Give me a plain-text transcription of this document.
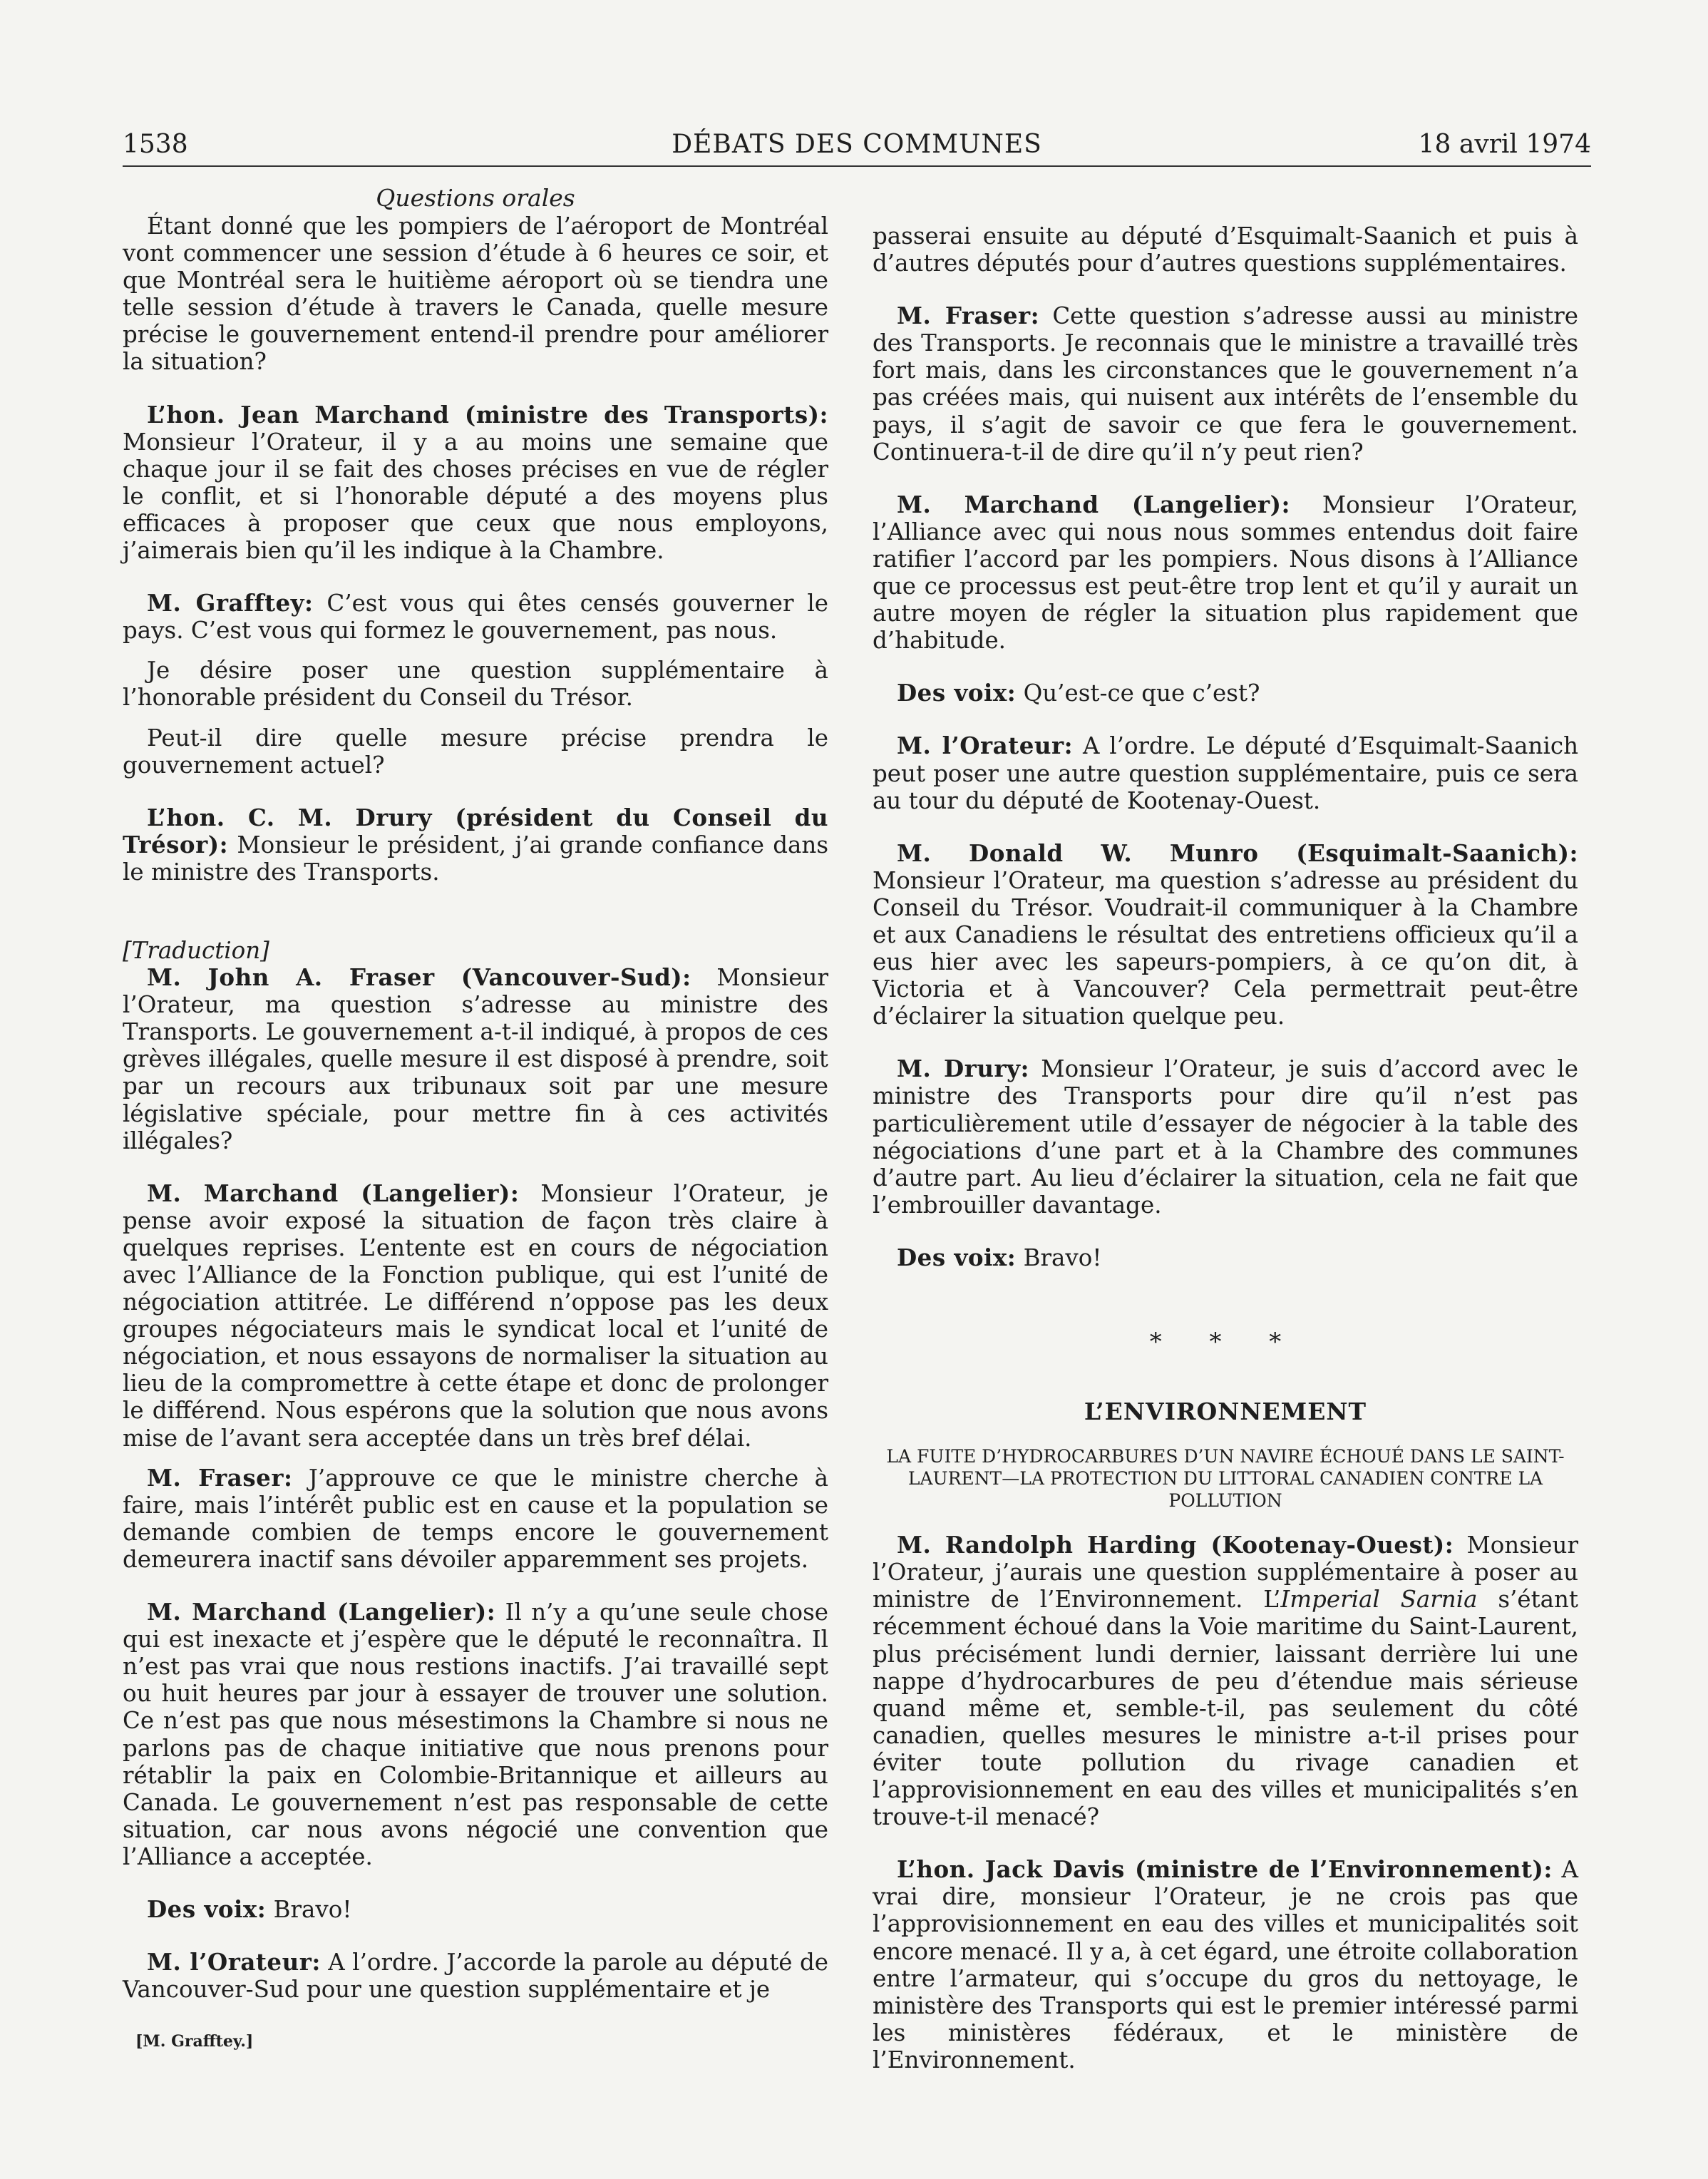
1538	DÉBATS DES COMMUNES	18 avril 1974

Questions orales

Étant donné que les pompiers de l’aéroport de Montréal vont commencer une session d’étude à 6 heures ce soir, et que Montréal sera le huitième aéroport où se tiendra une telle session d’étude à travers le Canada, quelle mesure précise le gouvernement entend-il prendre pour améliorer la situation?

L’hon. Jean Marchand (ministre des Transports): Monsieur l’Orateur, il y a au moins une semaine que chaque jour il se fait des choses précises en vue de régler le conflit, et si l’honorable député a des moyens plus efficaces à proposer que ceux que nous employons, j’aimerais bien qu’il les indique à la Chambre.

M. Grafftey: C’est vous qui êtes censés gouverner le pays. C’est vous qui formez le gouvernement, pas nous.

Je désire poser une question supplémentaire à l’honorable président du Conseil du Trésor.

Peut-il dire quelle mesure précise prendra le gouvernement actuel?

L’hon. C. M. Drury (président du Conseil du Trésor): Monsieur le président, j’ai grande confiance dans le ministre des Transports.

[Traduction]

M. John A. Fraser (Vancouver-Sud): Monsieur l’Orateur, ma question s’adresse au ministre des Transports. Le gouvernement a-t-il indiqué, à propos de ces grèves illégales, quelle mesure il est disposé à prendre, soit par un recours aux tribunaux soit par une mesure législative spéciale, pour mettre fin à ces activités illégales?

M. Marchand (Langelier): Monsieur l’Orateur, je pense avoir exposé la situation de façon très claire à quelques reprises. L’entente est en cours de négociation avec l’Alliance de la Fonction publique, qui est l’unité de négociation attitrée. Le différend n’oppose pas les deux groupes négociateurs mais le syndicat local et l’unité de négociation, et nous essayons de normaliser la situation au lieu de la compromettre à cette étape et donc de prolonger le différend. Nous espérons que la solution que nous avons mise de l’avant sera acceptée dans un très bref délai.

M. Fraser: J’approuve ce que le ministre cherche à faire, mais l’intérêt public est en cause et la population se demande combien de temps encore le gouvernement demeurera inactif sans dévoiler apparemment ses projets.

M. Marchand (Langelier): Il n’y a qu’une seule chose qui est inexacte et j’espère que le député le reconnaîtra. Il n’est pas vrai que nous restions inactifs. J’ai travaillé sept ou huit heures par jour à essayer de trouver une solution. Ce n’est pas que nous mésestimons la Chambre si nous ne parlons pas de chaque initiative que nous prenons pour rétablir la paix en Colombie-Britannique et ailleurs au Canada. Le gouvernement n’est pas responsable de cette situation, car nous avons négocié une convention que l’Alliance a acceptée.

Des voix: Bravo!

M. l’Orateur: A l’ordre. J’accorde la parole au député de Vancouver-Sud pour une question supplémentaire et je

[M. Grafftey.]

passerai ensuite au député d’Esquimalt-Saanich et puis à d’autres députés pour d’autres questions supplémentaires.

M. Fraser: Cette question s’adresse aussi au ministre des Transports. Je reconnais que le ministre a travaillé très fort mais, dans les circonstances que le gouvernement n’a pas créées mais, qui nuisent aux intérêts de l’ensemble du pays, il s’agit de savoir ce que fera le gouvernement. Continuera-t-il de dire qu’il n’y peut rien?

M. Marchand (Langelier): Monsieur l’Orateur, l’Alliance avec qui nous nous sommes entendus doit faire ratifier l’accord par les pompiers. Nous disons à l’Alliance que ce processus est peut-être trop lent et qu’il y aurait un autre moyen de régler la situation plus rapidement que d’habitude.

Des voix: Qu’est-ce que c’est?

M. l’Orateur: A l’ordre. Le député d’Esquimalt-Saanich peut poser une autre question supplémentaire, puis ce sera au tour du député de Kootenay-Ouest.

M. Donald W. Munro (Esquimalt-Saanich): Monsieur l’Orateur, ma question s’adresse au président du Conseil du Trésor. Voudrait-il communiquer à la Chambre et aux Canadiens le résultat des entretiens officieux qu’il a eus hier avec les sapeurs-pompiers, à ce qu’on dit, à Victoria et à Vancouver? Cela permettrait peut-être d’éclairer la situation quelque peu.

M. Drury: Monsieur l’Orateur, je suis d’accord avec le ministre des Transports pour dire qu’il n’est pas particulièrement utile d’essayer de négocier à la table des négociations d’une part et à la Chambre des communes d’autre part. Au lieu d’éclairer la situation, cela ne fait que l’embrouiller davantage.

Des voix: Bravo!

* * *

L’ENVIRONNEMENT

LA FUITE D’HYDROCARBURES D’UN NAVIRE ÉCHOUÉ DANS LE SAINT-LAURENT—LA PROTECTION DU LITTORAL CANADIEN CONTRE LA POLLUTION

M. Randolph Harding (Kootenay-Ouest): Monsieur l’Orateur, j’aurais une question supplémentaire à poser au ministre de l’Environnement. L’Imperial Sarnia s’étant récemment échoué dans la Voie maritime du Saint-Laurent, plus précisément lundi dernier, laissant derrière lui une nappe d’hydrocarbures de peu d’étendue mais sérieuse quand même et, semble-t-il, pas seulement du côté canadien, quelles mesures le ministre a-t-il prises pour éviter toute pollution du rivage canadien et l’approvisionnement en eau des villes et municipalités s’en trouve-t-il menacé?

L’hon. Jack Davis (ministre de l’Environnement): A vrai dire, monsieur l’Orateur, je ne crois pas que l’approvisionnement en eau des villes et municipalités soit encore menacé. Il y a, à cet égard, une étroite collaboration entre l’armateur, qui s’occupe du gros du nettoyage, le ministère des Transports qui est le premier intéressé parmi les ministères fédéraux, et le ministère de l’Environnement.
